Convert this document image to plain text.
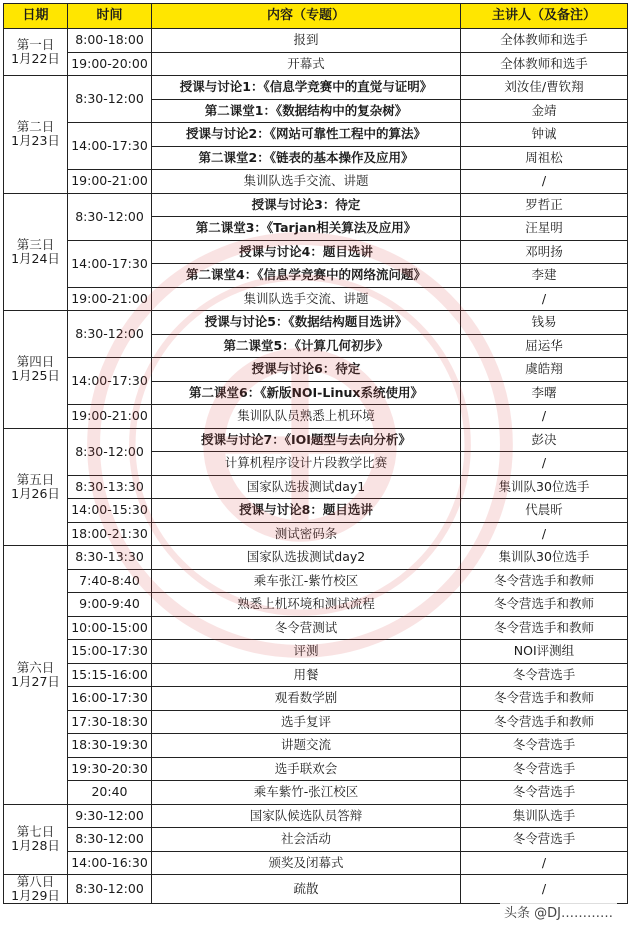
日期	时间	内容（专题）	主讲人（及备注）

第一日
1月22日	8:00-18:00	报到	全体教师和选手
	19:00-20:00	开幕式	全体教师和选手

第二日
1月23日	8:30-12:00	授课与讨论1：《信息学竞赛中的直觉与证明》	刘汝佳/曹钦翔
		第二课堂1：《数据结构中的复杂树》	金靖
	14:00-17:30	授课与讨论2：《网站可靠性工程中的算法》	钟诚
		第二课堂2：《链表的基本操作及应用》	周祖松
	19:00-21:00	集训队选手交流、讲题	/

第三日
1月24日	8:30-12:00	授课与讨论3：待定	罗哲正
		第二课堂3：《Tarjan相关算法及应用》	汪星明
	14:00-17:30	授课与讨论4：题目选讲	邓明扬
		第二课堂4：《信息学竞赛中的网络流问题》	李建
	19:00-21:00	集训队选手交流、讲题	/

第四日
1月25日	8:30-12:00	授课与讨论5：《数据结构题目选讲》	钱易
		第二课堂5：《计算几何初步》	屈运华
	14:00-17:30	授课与讨论6：待定	虞皓翔
		第二课堂6：《新版NOI-Linux系统使用》	李曙
	19:00-21:00	集训队队员熟悉上机环境	/

第五日
1月26日	8:30-12:00	授课与讨论7：《IOI题型与去向分析》	彭决
		计算机程序设计片段教学比赛	/
	8:30-13:30	国家队选拔测试day1	集训队30位选手
	14:00-15:30	授课与讨论8：题目选讲	代晨昕
	18:00-21:30	测试密码条	/

第六日
1月27日	8:30-13:30	国家队选拔测试day2	集训队30位选手
	7:40-8:40	乘车张江-紫竹校区	冬令营选手和教师
	9:00-9:40	熟悉上机环境和测试流程	冬令营选手和教师
	10:00-15:00	冬令营测试	冬令营选手和教师
	15:00-17:30	评测	NOI评测组
	15:15-16:00	用餐	冬令营选手
	16:00-17:30	观看数学剧	冬令营选手和教师
	17:30-18:30	选手复评	冬令营选手和教师
	18:30-19:30	讲题交流	冬令营选手
	19:30-20:30	选手联欢会	冬令营选手
	20:40	乘车紫竹-张江校区	冬令营选手

第七日
1月28日	9:30-12:00	国家队候选队员答辩	集训队选手
	8:30-12:00	社会活动	冬令营选手
	14:00-16:30	颁奖及闭幕式	/

第八日
1月29日	8:30-12:00	疏散	/
头条 @DJ…………
